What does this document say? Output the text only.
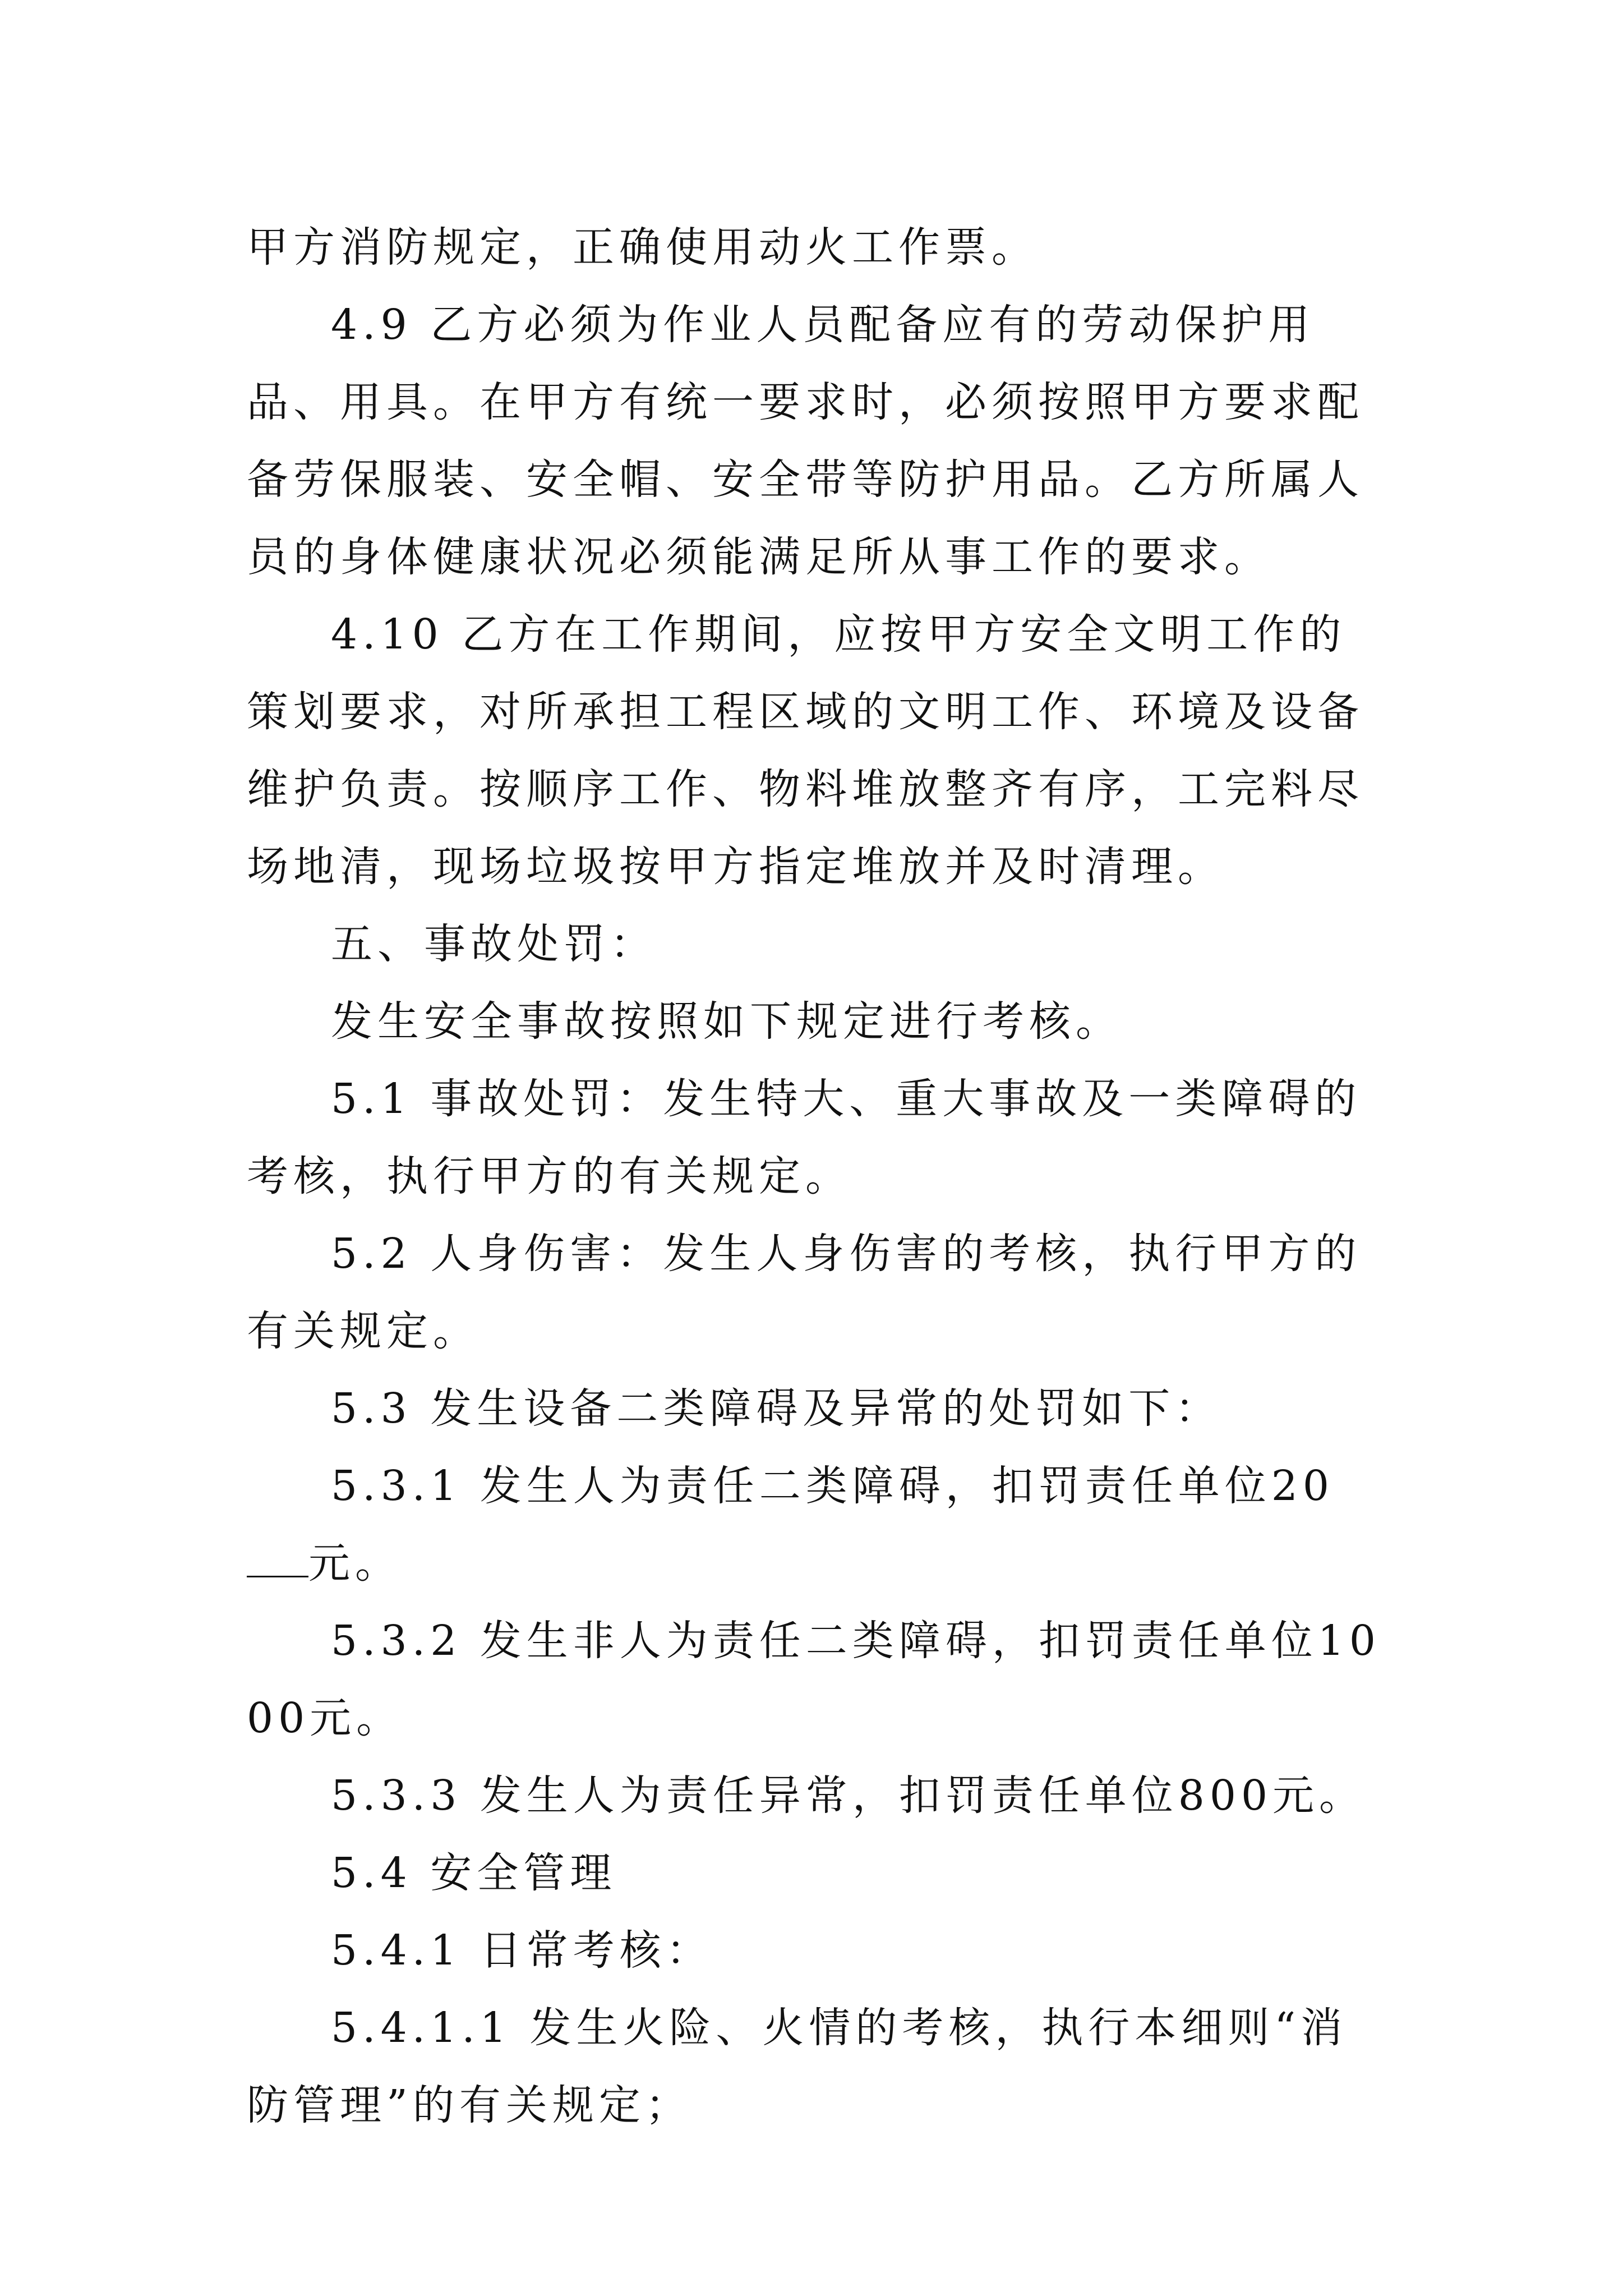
甲方消防规定，正确使用动火工作票。

4.9 乙方必须为作业人员配备应有的劳动保护用品、用具。在甲方有统一要求时，必须按照甲方要求配备劳保服装、安全帽、安全带等防护用品。乙方所属人员的身体健康状况必须能满足所从事工作的要求。

4.10 乙方在工作期间，应按甲方安全文明工作的策划要求，对所承担工程区域的文明工作、环境及设备维护负责。按顺序工作、物料堆放整齐有序，工完料尽场地清，现场垃圾按甲方指定堆放并及时清理。

五、事故处罚：

发生安全事故按照如下规定进行考核。

5.1 事故处罚：发生特大、重大事故及一类障碍的考核，执行甲方的有关规定。

5.2 人身伤害：发生人身伤害的考核，执行甲方的有关规定。

5.3 发生设备二类障碍及异常的处罚如下：

5.3.1 发生人为责任二类障碍，扣罚责任单位20元。

5.3.2 发生非人为责任二类障碍，扣罚责任单位1000元。

5.3.3 发生人为责任异常，扣罚责任单位800元。

5.4 安全管理

5.4.1 日常考核：

5.4.1.1 发生火险、火情的考核，执行本细则“消防管理”的有关规定；
